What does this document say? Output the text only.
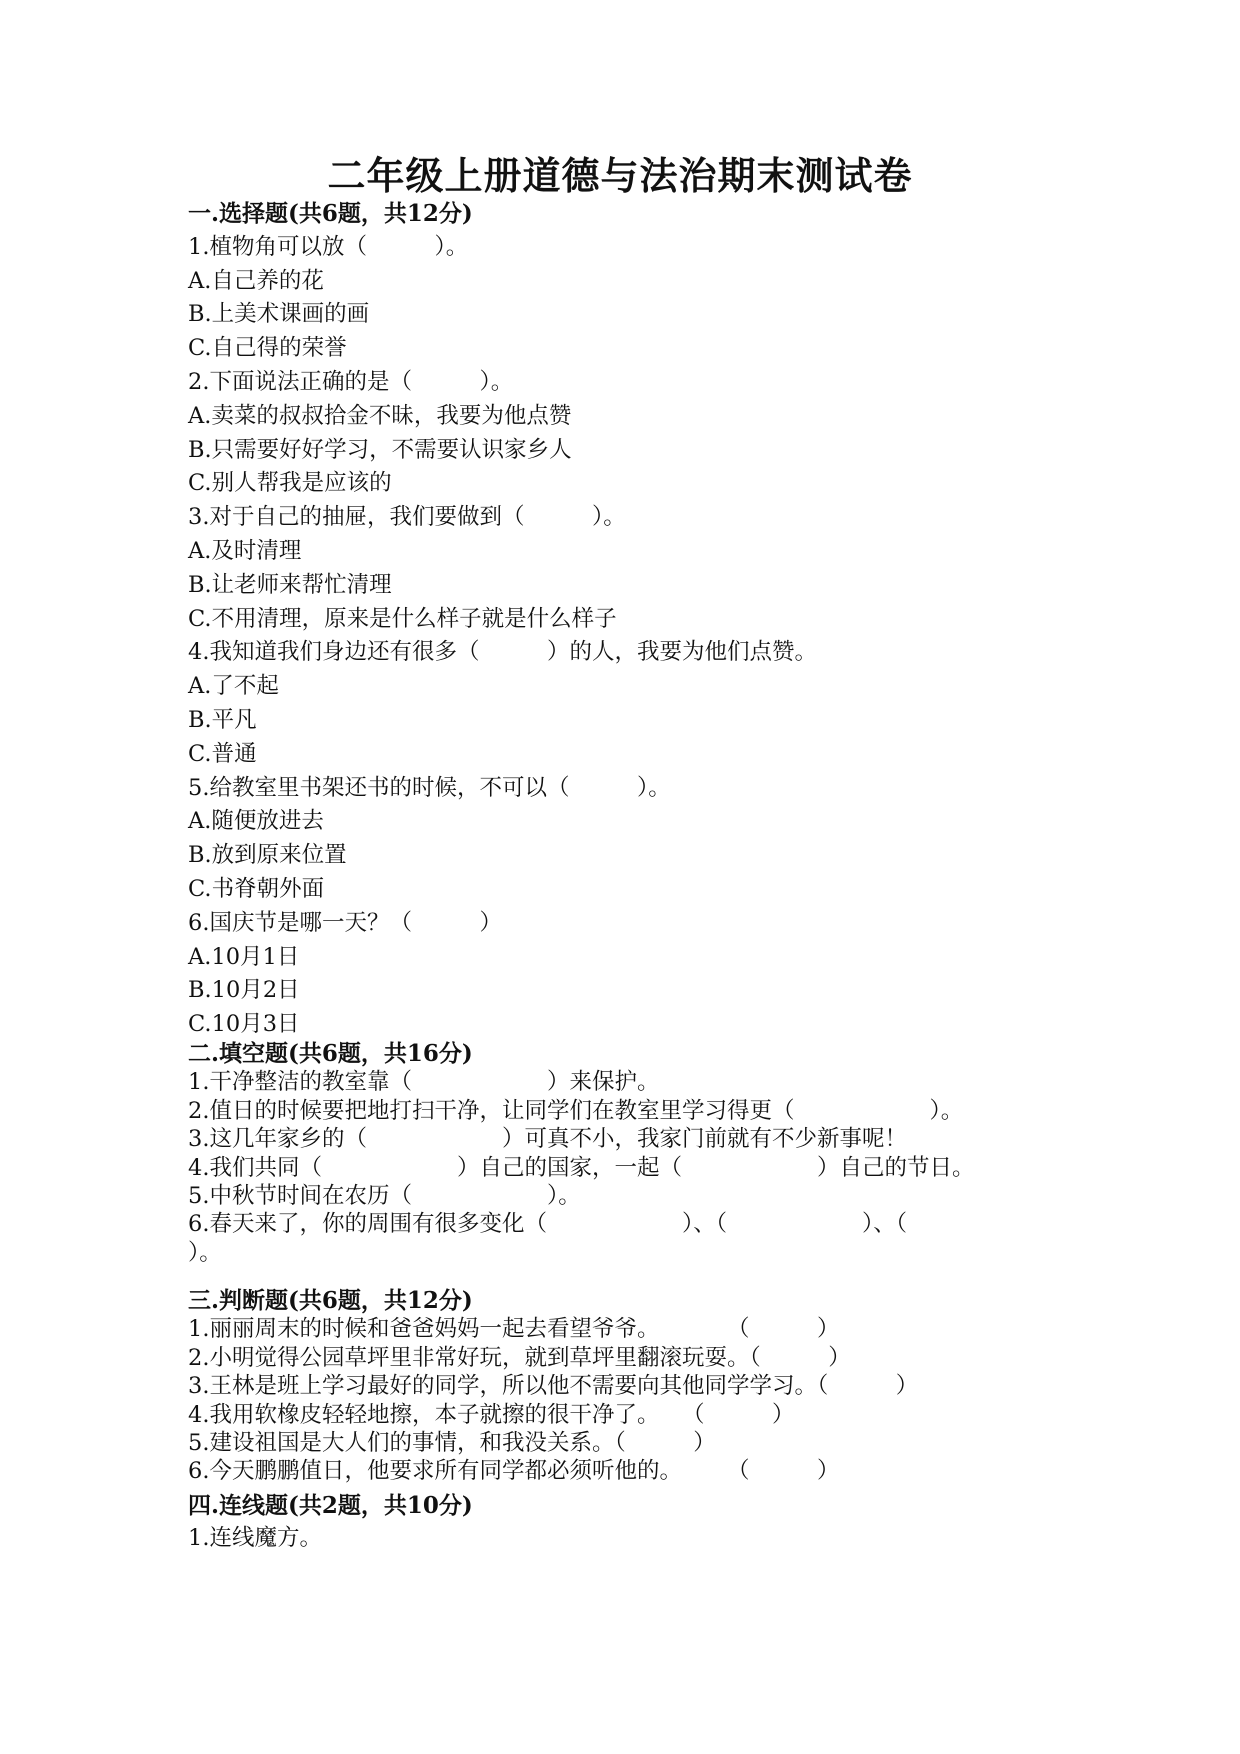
二年级上册道德与法治期末测试卷
一.选择题(共6题，共12分)
1.植物角可以放（　　　）。
A.自己养的花
B.上美术课画的画
C.自己得的荣誉
2.下面说法正确的是（　　　）。
A.卖菜的叔叔拾金不昧，我要为他点赞
B.只需要好好学习，不需要认识家乡人
C.别人帮我是应该的
3.对于自己的抽屉，我们要做到（　　　）。
A.及时清理
B.让老师来帮忙清理
C.不用清理，原来是什么样子就是什么样子
4.我知道我们身边还有很多（　　　）的人，我要为他们点赞。
A.了不起
B.平凡
C.普通
5.给教室里书架还书的时候，不可以（　　　）。
A.随便放进去
B.放到原来位置
C.书脊朝外面
6.国庆节是哪一天？（　　　）
A.10月1日
B.10月2日
C.10月3日
二.填空题(共6题，共16分)
1.干净整洁的教室靠（　　　　　　）来保护。
2.值日的时候要把地打扫干净，让同学们在教室里学习得更（　　　　　　）。
3.这几年家乡的（　　　　　　）可真不小，我家门前就有不少新事呢！
4.我们共同（　　　　　　）自己的国家，一起（　　　　　　）自己的节日。
5.中秋节时间在农历（　　　　　　）。
6.春天来了，你的周围有很多变化（　　　　　　）、（　　　　　　）、（
）。
三.判断题(共6题，共12分)
1.丽丽周末的时候和爸爸妈妈一起去看望爷爷。　　　　（　　　）
2.小明觉得公园草坪里非常好玩，就到草坪里翻滚玩耍。（　　　）
3.王林是班上学习最好的同学，所以他不需要向其他同学学习。（　　　）
4.我用软橡皮轻轻地擦，本子就擦的很干净了。　　（　　　）
5.建设祖国是大人们的事情，和我没关系。（　　　）
6.今天鹏鹏值日，他要求所有同学都必须听他的。　　　（　　　）
四.连线题(共2题，共10分)
1.连线魔方。
